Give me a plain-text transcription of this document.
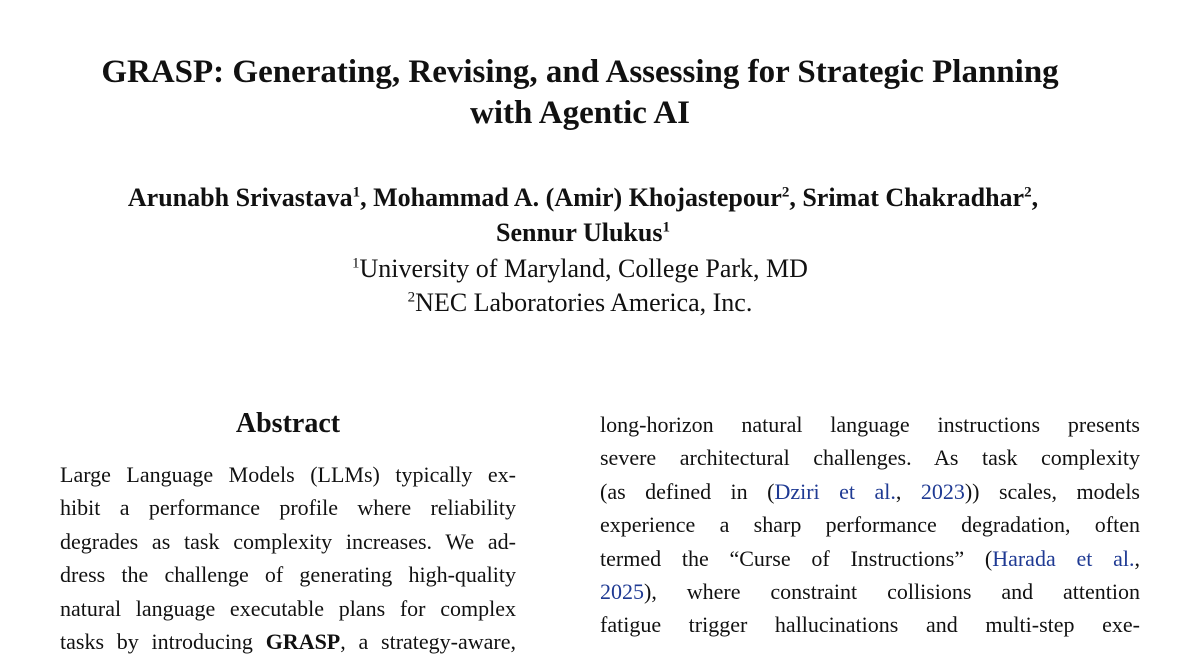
GRASP: Generating, Revising, and Assessing for Strategic Planning
with Agentic AI
Arunabh Srivastava$^1$, Mohammad A. (Amir) Khojastepour$^2$, Srimat Chakradhar$^2$,
Sennur Ulukus$^1$
$^1$University of Maryland, College Park, MD
$^2$NEC Laboratories America, Inc.
Abstract
Large Language Models (LLMs) typically ex-
hibit a performance profile where reliability
degrades as task complexity increases. We ad-
dress the challenge of generating high-quality
natural language executable plans for complex
tasks by introducing GRASP, a strategy-aware,
long-horizon natural language instructions presents
severe architectural challenges. As task complexity
(as defined in (Dziri et al., 2023)) scales, models
experience a sharp performance degradation, often
termed the “Curse of Instructions” (Harada et al.,
2025), where constraint collisions and attention
fatigue trigger hallucinations and multi-step exe-
